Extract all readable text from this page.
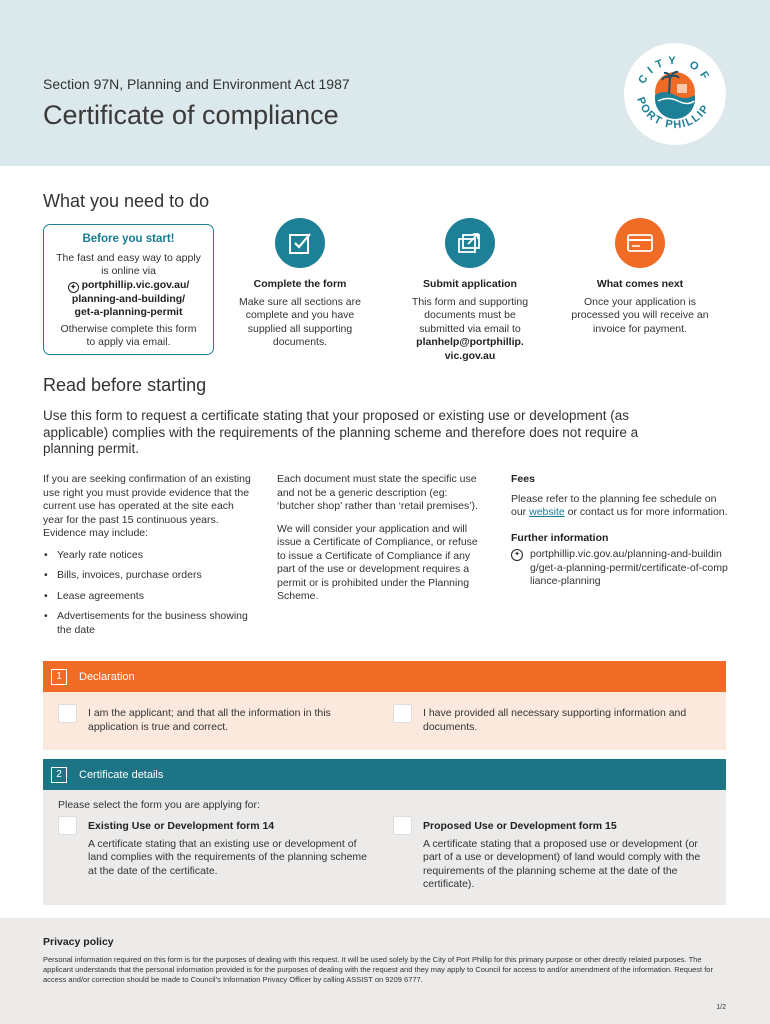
Section 97N, Planning and Environment Act 1987
Certificate of compliance
CITY OF
PORT PHILLIP
What you need to do
Before you start!
The fast and easy way to apply is online via
✦ portphillip.vic.gov.au/
planning-and-building/
get-a-planning-permit
Otherwise complete this form to apply via email.
Complete the form
Make sure all sections are complete and you have supplied all supporting documents.
Submit application
This form and supporting documents must be submitted via email to
planhelp@portphillip.
vic.gov.au
What comes next
Once your application is processed you will receive an invoice for payment.
Read before starting
Use this form to request a certificate stating that your proposed or existing use or development (as applicable) complies with the requirements of the planning scheme and therefore does not require a planning permit.

If you are seeking confirmation of an existing use right you must provide evidence that the current use has operated at the site each year for the past 15 continuous years. Evidence may include:

• Yearly rate notices
• Bills, invoices, purchase orders
• Lease agreements
• Advertisements for the business showing the date

Each document must state the specific use and not be a generic description (eg: ‘butcher shop’ rather than ‘retail premises’).

We will consider your application and will issue a Certificate of Compliance, or refuse to issue a Certificate of Compliance if any part of the use or development requires a permit or is prohibited under the Planning Scheme.

Fees

Please refer to the planning fee schedule on our website or contact us for more information.

Further information
✦ portphillip.vic.gov.au/planning-and-building/get-a-planning-permit/certificate-of-compliance-planning
1	Declaration
I am the applicant; and that all the information in this application is true and correct.
I have provided all necessary supporting information and documents.
2	Certificate details
Please select the form you are applying for:
Existing Use or Development form 14
A certificate stating that an existing use or development of land complies with the requirements of the planning scheme at the date of the certificate.
Proposed Use or Development form 15
A certificate stating that a proposed use or development (or part of a use or development) of land would comply with the requirements of the planning scheme at the date of the certificate).
Privacy policy
Personal information required on this form is for the purposes of dealing with this request. It will be used solely by the City of Port Phillip for this primary purpose or other directly related purposes. The applicant understands that the personal information provided is for the purposes of dealing with the request and they may apply to Council for access to and/or amendment of the information. Request for access and/or correction should be made to Council’s Information Privacy Officer by calling ASSIST on 9209 6777.
1/2
